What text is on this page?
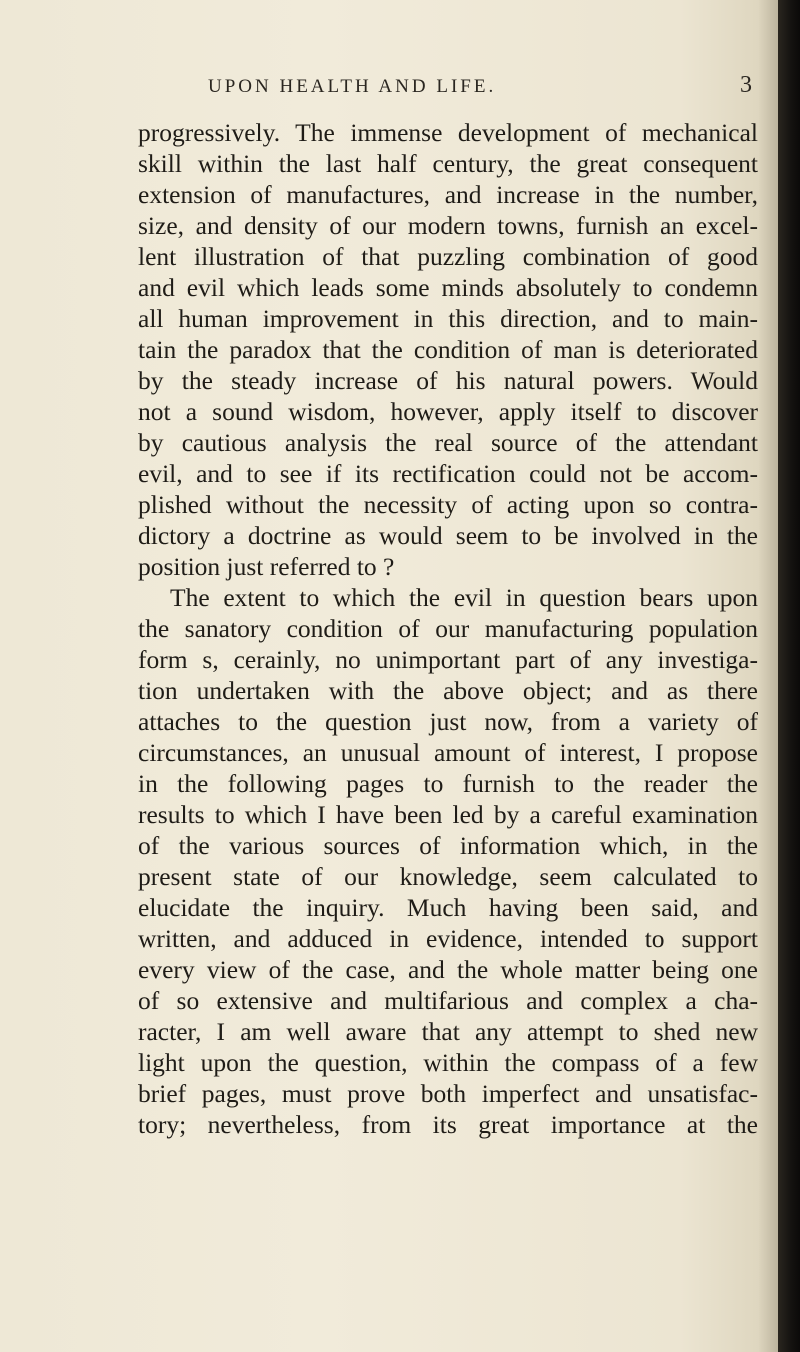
UPON HEALTH AND LIFE.	3
progressively. The immense development of mechanical
skill within the last half century, the great consequent
extension of manufactures, and increase in the number,
size, and density of our modern towns, furnish an excel-
lent illustration of that puzzling combination of good
and evil which leads some minds absolutely to condemn
all human improvement in this direction, and to main-
tain the paradox that the condition of man is deteriorated
by the steady increase of his natural powers. Would
not a sound wisdom, however, apply itself to discover
by cautious analysis the real source of the attendant
evil, and to see if its rectification could not be accom-
plished without the necessity of acting upon so contra-
dictory a doctrine as would seem to be involved in the
position just referred to ?
The extent to which the evil in question bears upon
the sanatory condition of our manufacturing population
form s, cerainly, no unimportant part of any investiga-
tion undertaken with the above object; and as there
attaches to the question just now, from a variety of
circumstances, an unusual amount of interest, I propose
in the following pages to furnish to the reader the
results to which I have been led by a careful examination
of the various sources of information which, in the
present state of our knowledge, seem calculated to
elucidate the inquiry. Much having been said, and
written, and adduced in evidence, intended to support
every view of the case, and the whole matter being one
of so extensive and multifarious and complex a cha-
racter, I am well aware that any attempt to shed new
light upon the question, within the compass of a few
brief pages, must prove both imperfect and unsatisfac-
tory; nevertheless, from its great importance at the
